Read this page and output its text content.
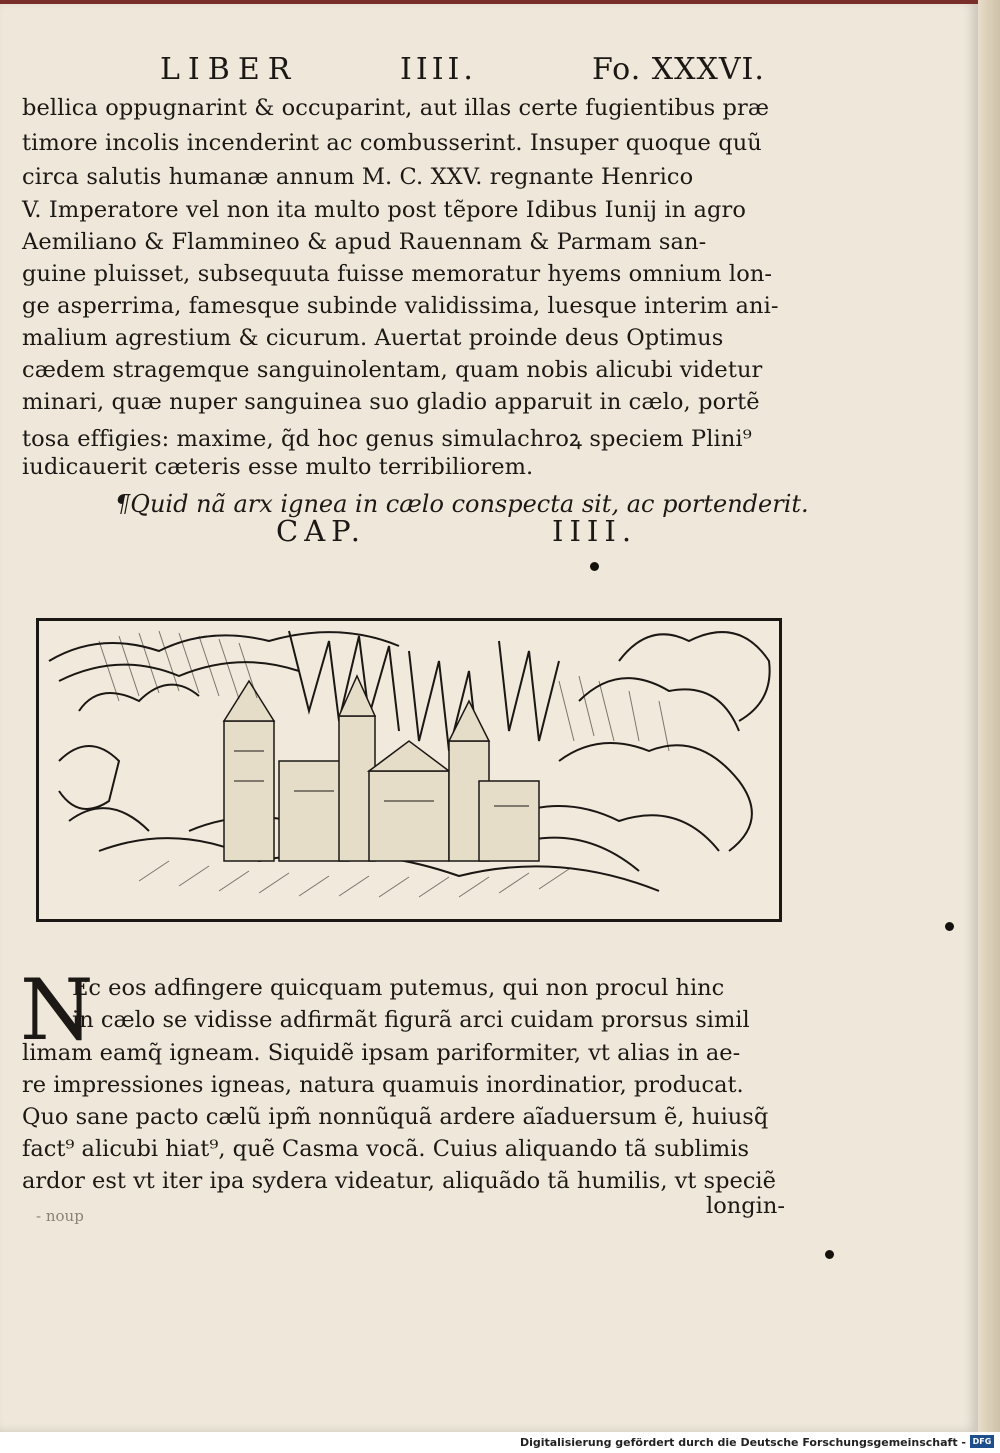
LIBER	IIII.	Fo. XXXVI.
bellica oppugnarint & occuparint, aut illas certe fugientibus præ
timore incolis incenderint ac combusserint. Insuper quoque quũ
circa salutis humanæ annum M. C. XXV. regnante Henrico
V. Imperatore vel non ita multo post tẽpore Idibus Iunij in agro
Aemiliano & Flammineo & apud Rauennam & Parmam san-
guine pluisset, subsequuta fuisse memoratur hyems omnium lon-
ge asperrima, famesque subinde validissima, luesque interim ani-
malium agrestium & cicurum. Auertat proinde deus Optimus
cædem stragemque sanguinolentam, quam nobis alicubi videtur
minari, quæ nuper sanguinea suo gladio apparuit in cælo, portẽ
tosa effigies: maxime, q̃d hoc genus simulachroꝝ speciem Plini⁹
iudicauerit cæteris esse multo terribiliorem.
¶Quid nã arx ignea in cælo conspecta sit, ac portenderit.
CAP.	IIII.
N
Ec eos adfingere quicquam putemus, qui non procul hinc
in cælo se vidisse adfirmãt figurã arci cuidam prorsus simil
limam eamq̃ igneam. Siquidẽ ipsam pariformiter, vt alias in ae-
re impressiones igneas, natura quamuis inordinatior, producat.
Quo sane pacto cælũ ipm̃ nonnũquã ardere aĩaduersum ẽ, huiusq̃
fact⁹ alicubi hiat⁹, quẽ Casma vocã. Cuius aliquando tã sublimis
ardor est vt iter ipa sydera videatur, aliquãdo tã humilis, vt speciẽ
longin-
- noup
Digitalisierung gefördert durch die Deutsche Forschungsgemeinschaft - DFG
